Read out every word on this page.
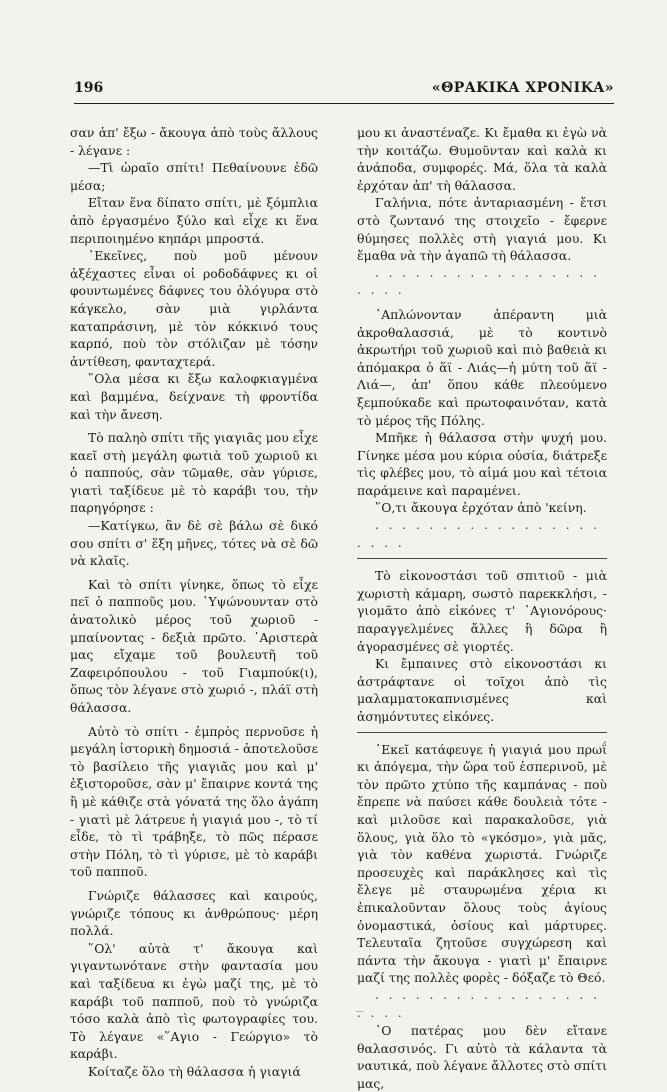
196	«ΘΡΑΚΙΚΑ ΧΡΟΝΙΚΑ»

σαν ἀπ' ἔξω - ἄκουγα ἀπὸ τοὺς ἄλλους - λέγανε :

—Τὶ ὡραῖο σπίτι! Πεθαίνουνε ἐδῶ μέσα;

Εἴταν ἕνα δίπατο σπίτι, μὲ ξόμπλια ἀπὸ ἐργασμένο ξύλο καὶ εἶχε κι ἕνα περιποιημένο κηπάρι μπροστά.

᾿Εκεῖνες, ποὺ μοῦ μένουν ἀξέχαστες εἶναι οἱ ροδοδάφνες κι οἱ φουντωμένες δάφνες του ὁλόγυρα στὸ κάγκελο, σὰν μιὰ γιρλάντα καταπράσινη, μὲ τὸν κόκκινό τους καρπό, ποὺ τὸν στόλιζαν μὲ τόσην ἀντίθεση, φανταχτερά.

῞Ολα μέσα κι ἔξω καλοφκιαγμένα καὶ βαμμένα, δείχνανε τὴ φροντίδα καὶ τὴν ἄνεση.

Τὸ παληὸ σπίτι τῆς γιαγιᾶς μου εἶχε καεῖ στὴ μεγάλη φωτιὰ τοῦ χωριοῦ κι ὁ παππούς, σὰν τῶμαθε, σὰν γύρισε, γιατὶ ταξίδευε μὲ τὸ καράβι του, τὴν παρηγόρησε :

—Κατίγκω, ἂν δὲ σὲ βάλω σὲ δικό σου σπίτι σ' ἕξη μῆνες, τότες νὰ σὲ δῶ νὰ κλαῖς.

Καὶ τὸ σπίτι γίνηκε, ὅπως τὸ εἶχε πεῖ ὁ παπποῦς μου. ῾Υψώνουνταν στὸ ἀνατολικὸ μέρος τοῦ χωριοῦ - μπαίνοντας - δεξιὰ πρῶτο. ᾿Αριστερὰ μας εἴχαμε τοῦ βουλευτῆ τοῦ Ζαφειρόπουλου - τοῦ Γιαμπούκ(ι), ὅπως τὸν λέγανε στὸ χωριό -, πλάϊ στὴ θάλασσα.

Αὐτὸ τὸ σπίτι - ἐμπρὸς περνοῦσε ἡ μεγάλη ἱστορικὴ δημοσιά - ἀποτελοῦσε τὸ βασίλειο τῆς γιαγιᾶς μου καὶ μ' ἐξιστοροῦσε, σὰν μ' ἔπαιρνε κοντά της ἢ μὲ κάθιζε στὰ γόνατά της ὅλο ἀγάπη - γιατὶ μὲ λάτρευε ἡ γιαγιά μου -, τὸ τί εἶδε, τὸ τὶ τράβηξε, τὸ πῶς πέρασε στὴν Πόλη, τὸ τὶ γύρισε, μὲ τὸ καράβι τοῦ παπποῦ.

Γνώριζε θάλασσες καὶ καιρούς, γνώριζε τόπους κι ἀνθρώπους· μέρη πολλά.

῞Ολ' αὐτὰ τ' ἄκουγα καὶ γιγαντωνότανε στὴν φαντασία μου καὶ ταξίδευα κι ἐγὼ μαζί της, μὲ τὸ καράβι τοῦ παπποῦ, ποὺ τὸ γνώριζα τόσο καλὰ ἀπὸ τὶς φωτογραφίες του. Τὸ λέγανε «῞Αγιο - Γεώργιο» τὸ καράβι.

Κοίταζε ὅλο τὴ θάλασσα ἡ γιαγιά

μου κι ἀναστέναζε. Κι ἔμαθα κι ἐγὼ νὰ τὴν κοιτάζω. Θυμοῦνταν καὶ καλὰ κι ἀνάποδα, συμφορές. Μά, ὅλα τὰ καλὰ ἐρχόταν ἀπ' τὴ θάλασσα.

Γαλήνια, πότε ἀνταριασμένη - ἔτσι στὸ ζωντανό της στοιχεῖο - ἔφερνε θύμησες πολλὲς στὴ γιαγιά μου. Κι ἔμαθα νὰ τὴν ἀγαπῶ τὴ θάλασσα.

. . . . . . . . . . . . . . . . . . . . .

᾿Απλώνονταν ἀπέραντη μιὰ ἀκροθαλασσιά, μὲ τὸ κοντινὸ ἀκρωτήρι τοῦ χωριοῦ καὶ πιὸ βαθειὰ κι ἀπόμακρα ὁ ἅϊ - Λιάς—ἡ μύτη τοῦ ἅϊ - Λιά—, ἀπ' ὅπου κάθε πλεούμενο ξεμπούκαδε καὶ πρωτοφαινόταν, κατὰ τὸ μέρος τῆς Πόλης.

Μπῆκε ἡ θάλασσα στὴν ψυχή μου. Γίνηκε μέσα μου κύρια οὐσία, διάτρεξε τὶς φλέβες μου, τὸ αἱμά μου καὶ τέτοια παράμεινε καὶ παραμένει.

῞Ο,τι ἄκουγα ἐρχόταν ἀπὸ 'κείνη.

. . . . . . . . . . . . . . . . . . . . .

Τὸ εἰκονοστάσι τοῦ σπιτιοῦ - μιὰ χωριστὴ κάμαρη, σωστὸ παρεκκλήσι, - γιομᾶτο ἀπὸ εἰκόνες τ' ῾Αγιονόρους· παραγγελμένες ἄλλες ἢ δῶρα ἢ ἀγορασμένες σὲ γιορτές.

Κι ἔμπαινες στὸ εἰκονοστάσι κι ἀστράφτανε οἱ τοῖχοι ἀπὸ τὶς μαλαμματοκαπνισμένες καὶ ἀσημόντυτες εἰκόνες.

᾿Εκεῖ κατάφευγε ἡ γιαγιά μου πρωΐ κι ἀπόγεμα, τὴν ὥρα τοῦ ἑσπερινοῦ, μὲ τὸν πρῶτο χτύπο τῆς καμπάνας - ποὺ ἔπρεπε νὰ παύσει κάθε δουλειὰ τότε - καὶ μιλοῦσε καὶ παρακαλοῦσε, γιὰ ὅλους, γιὰ ὅλο τὸ «γκόσμο», γιὰ μᾶς, γιὰ τὸν καθένα χωριστά. Γνώριζε προσευχὲς καὶ παράκλησες καὶ τὶς ἔλεγε μὲ σταυρωμένα χέρια κι ἐπικαλοῦνταν ὅλους τοὺς ἁγίους ὀνομαστικά, ὁσίους καὶ μάρτυρες. Τελευταῖα ζητοῦσε συγχώρεση καὶ πάντα τὴν ἄκουγα - γιατὶ μ' ἔπαιρνε μαζί της πολλὲς φορὲς - δόξαζε τὸ Θεό.

. . . . . . . . . . . . . . . . . . . . .

῾Ο πατέρας μου δὲν εἴτανε θαλασσινός. Γι αὐτὸ τὰ κάλαντα τὰ ναυτικά, ποὺ λέγανε ἄλλοτες στὸ σπίτι μας,
